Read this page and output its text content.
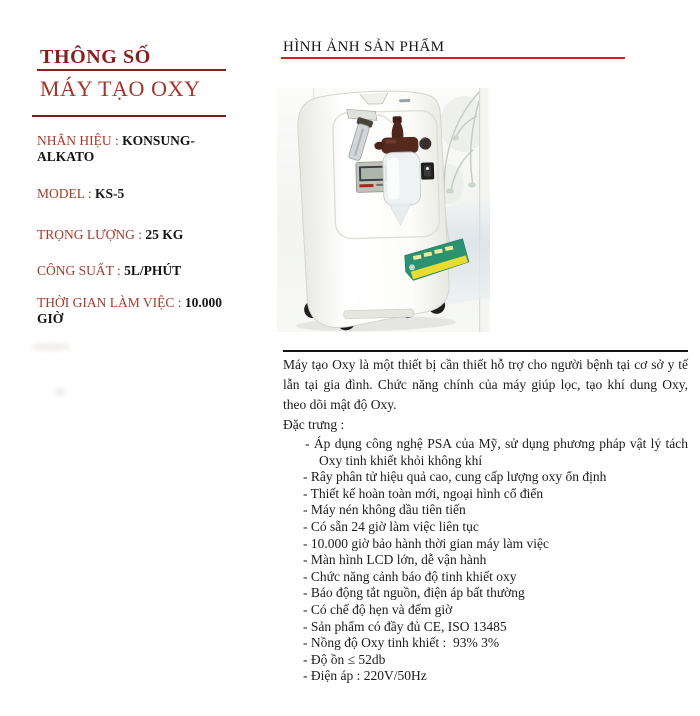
THÔNG SỐ
MÁY TẠO OXY
NHÃN HIỆU : KONSUNG-ALKATO
MODEL : KS-5
TRỌNG LƯỢNG : 25 KG
CÔNG SUẤT : 5L/PHÚT
THỜI GIAN LÀM VIỆC : 10.000 GIỜ
HÌNH ẢNH SẢN PHẨM
Máy tạo Oxy là một thiết bị cần thiết hỗ trợ cho người bệnh tại cơ sở y tế lẫn tại gia đình. Chức năng chính của máy giúp lọc, tạo khí dung Oxy, theo dõi mật độ Oxy.
Đặc trưng :
- Áp dụng công nghệ PSA của Mỹ, sử dụng phương pháp vật lý tách Oxy tinh khiết khỏi không khí
- Rây phân tử hiệu quả cao, cung cấp lượng oxy ổn định
- Thiết kế hoàn toàn mới, ngoại hình cổ điển
- Máy nén không dầu tiên tiến
- Có sẵn 24 giờ làm việc liên tục
- 10.000 giờ bảo hành thời gian máy làm việc
- Màn hình LCD lớn, dễ vận hành
- Chức năng cảnh báo độ tinh khiết oxy
- Báo động tắt nguồn, điện áp bất thường
- Có chế độ hẹn và đếm giờ
- Sản phẩm có đầy đủ CE, ISO 13485
- Nồng độ Oxy tinh khiết :  93% 3%
- Độ ồn ≤ 52db
- Điện áp : 220V/50Hz
